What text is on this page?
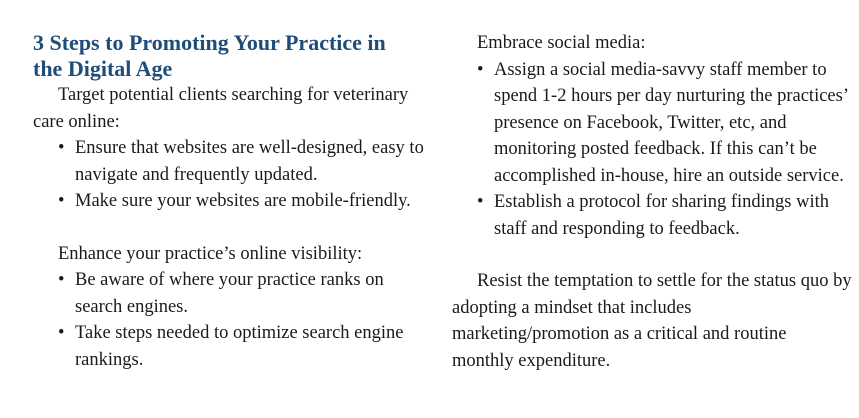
3 Steps to Promoting Your Practice in the Digital Age

Target potential clients searching for veterinary care online:

• Ensure that websites are well-designed, easy to navigate and frequently updated.
• Make sure your websites are mobile-friendly.

Enhance your practice’s online visibility:

• Be aware of where your practice ranks on search engines.
• Take steps needed to optimize search engine rankings.

Embrace social media:

• Assign a social media-savvy staff member to spend 1-2 hours per day nurturing the practices’ presence on Facebook, Twitter, etc, and monitoring posted feedback. If this can’t be accomplished in-house, hire an outside service.
• Establish a protocol for sharing findings with staff and responding to feedback.

Resist the temptation to settle for the status quo by adopting a mindset that includes marketing/promotion as a critical and routine monthly expenditure.
